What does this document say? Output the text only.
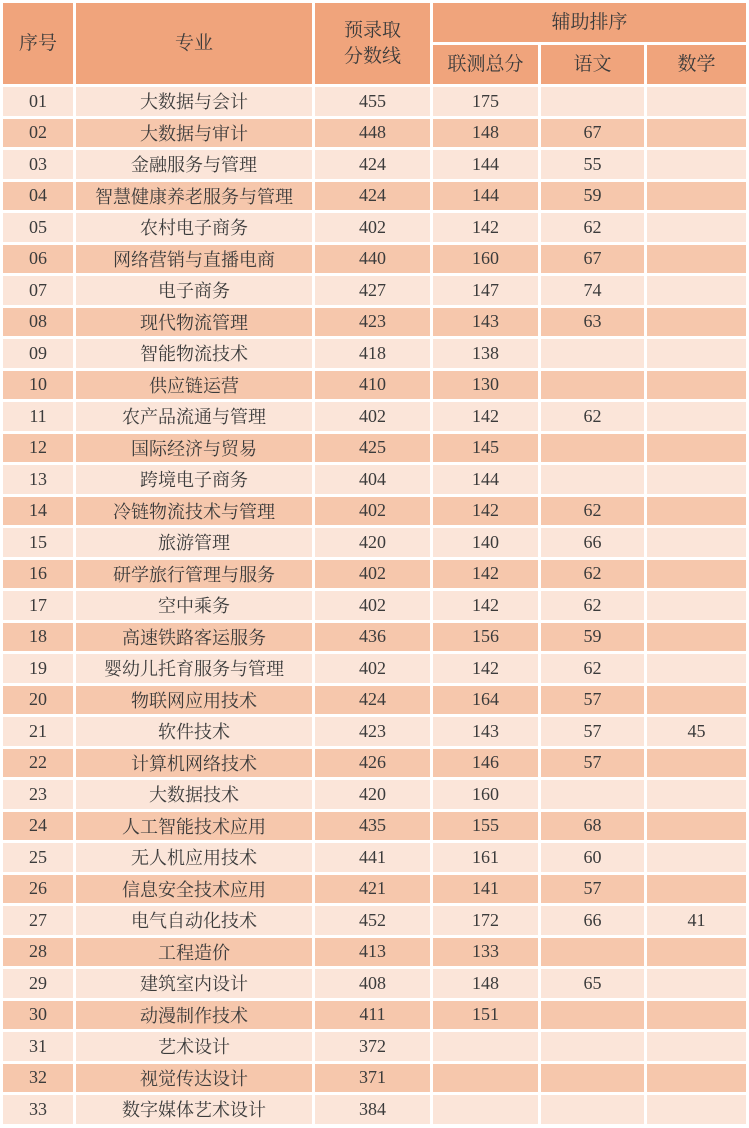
序号	专业	预录取
分数线	辅助排序		
			联测总分	语文	数学
01	大数据与会计	455	175		
02	大数据与审计	448	148	67	
03	金融服务与管理	424	144	55	
04	智慧健康养老服务与管理	424	144	59	
05	农村电子商务	402	142	62	
06	网络营销与直播电商	440	160	67	
07	电子商务	427	147	74	
08	现代物流管理	423	143	63	
09	智能物流技术	418	138		
10	供应链运营	410	130		
11	农产品流通与管理	402	142	62	
12	国际经济与贸易	425	145		
13	跨境电子商务	404	144		
14	冷链物流技术与管理	402	142	62	
15	旅游管理	420	140	66	
16	研学旅行管理与服务	402	142	62	
17	空中乘务	402	142	62	
18	高速铁路客运服务	436	156	59	
19	婴幼儿托育服务与管理	402	142	62	
20	物联网应用技术	424	164	57	
21	软件技术	423	143	57	45
22	计算机网络技术	426	146	57	
23	大数据技术	420	160		
24	人工智能技术应用	435	155	68	
25	无人机应用技术	441	161	60	
26	信息安全技术应用	421	141	57	
27	电气自动化技术	452	172	66	41
28	工程造价	413	133		
29	建筑室内设计	408	148	65	
30	动漫制作技术	411	151		
31	艺术设计	372			
32	视觉传达设计	371			
33	数字媒体艺术设计	384			
